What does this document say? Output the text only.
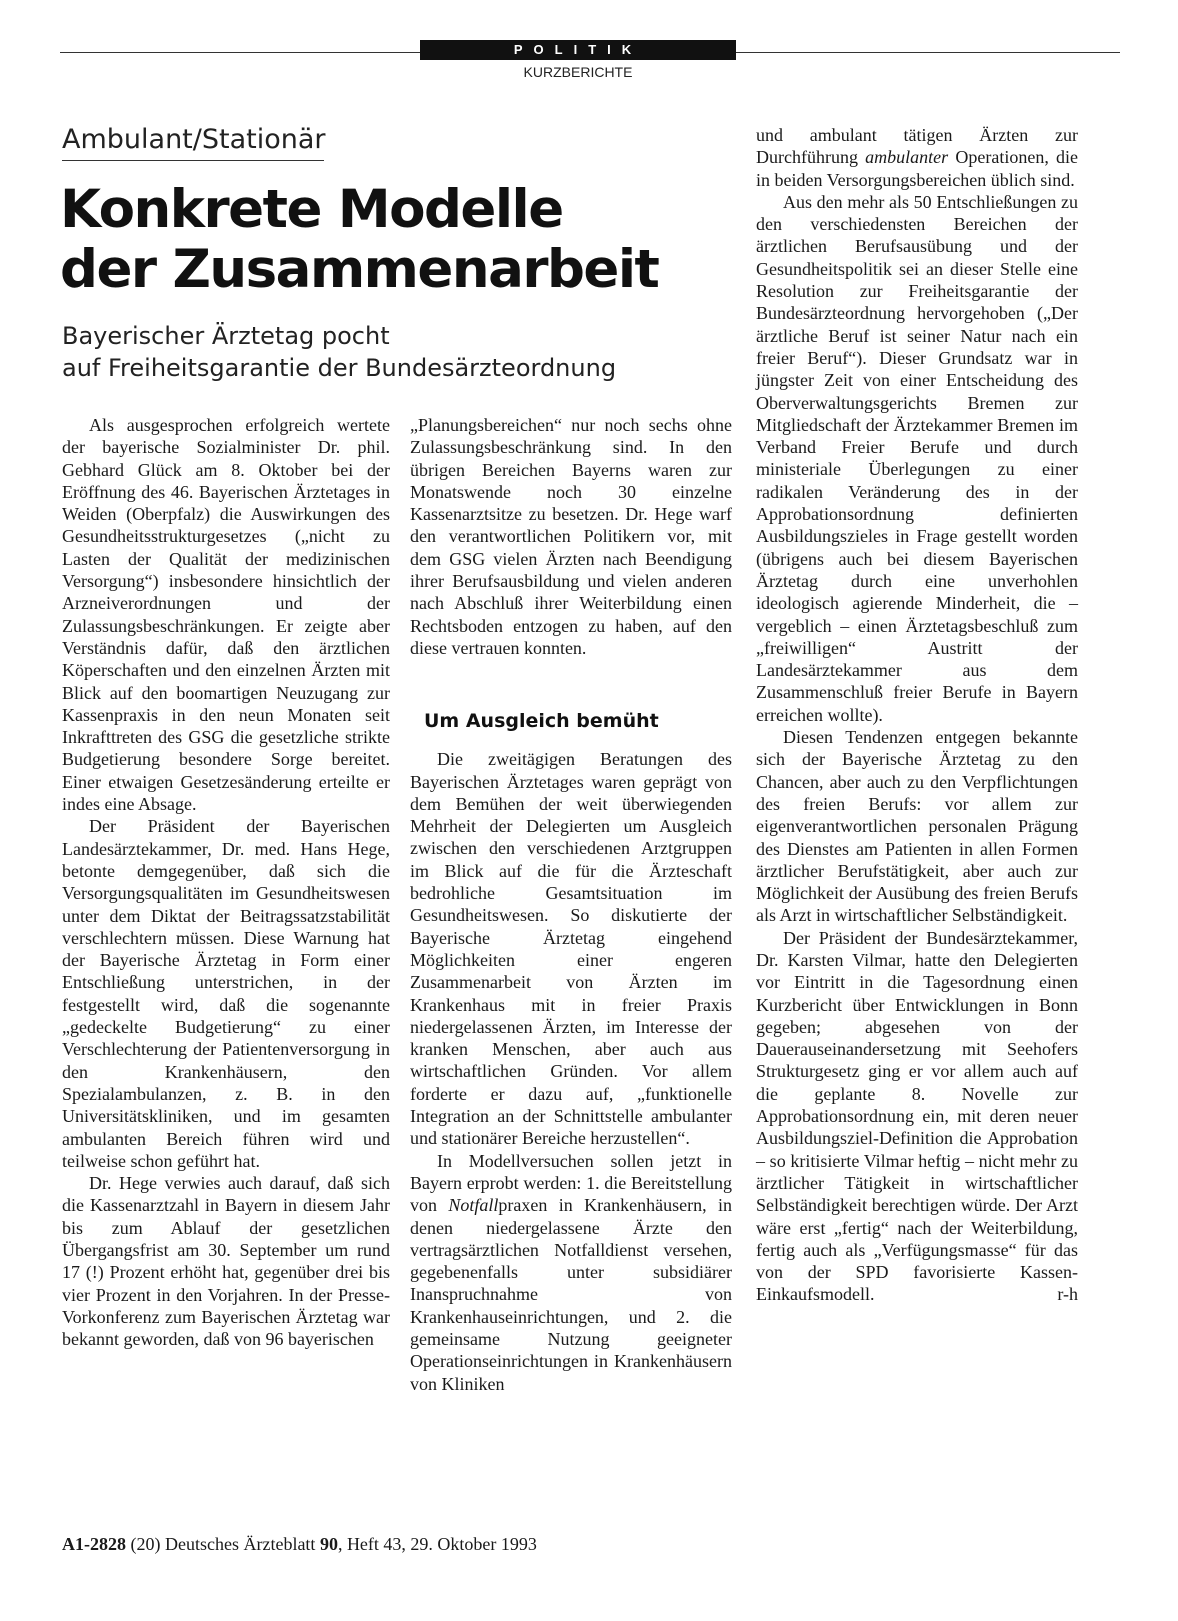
POLITIK
KURZBERICHTE
Ambulant/Stationär
Konkrete Modelle
der Zusammenarbeit
Bayerischer Ärztetag pocht
auf Freiheitsgarantie der Bundesärzteordnung

Als ausgesprochen erfolgreich wertete der bayerische Sozialminister Dr. phil. Gebhard Glück am 8. Oktober bei der Eröffnung des 46. Bayerischen Ärztetages in Weiden (Oberpfalz) die Auswirkungen des Gesundheitsstrukturgesetzes („nicht zu Lasten der Qualität der medizinischen Versorgung“) insbesondere hinsichtlich der Arzneiverordnungen und der Zulassungsbeschränkungen. Er zeigte aber Verständnis dafür, daß den ärztlichen Köperschaften und den einzelnen Ärzten mit Blick auf den boomartigen Neuzugang zur Kassenpraxis in den neun Monaten seit Inkrafttreten des GSG die gesetzliche strikte Budgetierung besondere Sorge bereitet. Einer etwaigen Gesetzesänderung erteilte er indes eine Absage.

Der Präsident der Bayerischen Landesärztekammer, Dr. med. Hans Hege, betonte demgegenüber, daß sich die Versorgungsqualitäten im Gesundheitswesen unter dem Diktat der Beitragssatzstabilität verschlechtern müssen. Diese Warnung hat der Bayerische Ärztetag in Form einer Entschließung unterstrichen, in der festgestellt wird, daß die sogenannte „gedeckelte Budgetierung“ zu einer Verschlechterung der Patientenversorgung in den Krankenhäusern, den Spezialambulanzen, z. B. in den Universitätskliniken, und im gesamten ambulanten Bereich führen wird und teilweise schon geführt hat.

Dr. Hege verwies auch darauf, daß sich die Kassenarztzahl in Bayern in diesem Jahr bis zum Ablauf der gesetzlichen Übergangsfrist am 30. September um rund 17 (!) Prozent erhöht hat, gegenüber drei bis vier Prozent in den Vorjahren. In der Presse-Vorkonferenz zum Bayerischen Ärztetag war bekannt geworden, daß von 96 bayerischen

„Planungsbereichen“ nur noch sechs ohne Zulassungsbeschränkung sind. In den übrigen Bereichen Bayerns waren zur Monatswende noch 30 einzelne Kassenarztsitze zu besetzen. Dr. Hege warf den verantwortlichen Politikern vor, mit dem GSG vielen Ärzten nach Beendigung ihrer Berufsausbildung und vielen anderen nach Abschluß ihrer Weiterbildung einen Rechtsboden entzogen zu haben, auf den diese vertrauen konnten.

Um Ausgleich bemüht

Die zweitägigen Beratungen des Bayerischen Ärztetages waren geprägt von dem Bemühen der weit überwiegenden Mehrheit der Delegierten um Ausgleich zwischen den verschiedenen Arztgruppen im Blick auf die für die Ärzteschaft bedrohliche Gesamtsituation im Gesundheitswesen. So diskutierte der Bayerische Ärztetag eingehend Möglichkeiten einer engeren Zusammenarbeit von Ärzten im Krankenhaus mit in freier Praxis niedergelassenen Ärzten, im Interesse der kranken Menschen, aber auch aus wirtschaftlichen Gründen. Vor allem forderte er dazu auf, „funktionelle Integration an der Schnittstelle ambulanter und stationärer Bereiche herzustellen“.

In Modellversuchen sollen jetzt in Bayern erprobt werden: 1. die Bereitstellung von Notfallpraxen in Krankenhäusern, in denen niedergelassene Ärzte den vertragsärztlichen Notfalldienst versehen, gegebenenfalls unter subsidiärer Inanspruchnahme von Krankenhauseinrichtungen, und 2. die gemeinsame Nutzung geeigneter Operationseinrichtungen in Krankenhäusern von Kliniken

und ambulant tätigen Ärzten zur Durchführung ambulanter Operationen, die in beiden Versorgungsbereichen üblich sind.

Aus den mehr als 50 Entschließungen zu den verschiedensten Bereichen der ärztlichen Berufsausübung und der Gesundheitspolitik sei an dieser Stelle eine Resolution zur Freiheitsgarantie der Bundesärzteordnung hervorgehoben („Der ärztliche Beruf ist seiner Natur nach ein freier Beruf“). Dieser Grundsatz war in jüngster Zeit von einer Entscheidung des Oberverwaltungsgerichts Bremen zur Mitgliedschaft der Ärztekammer Bremen im Verband Freier Berufe und durch ministeriale Überlegungen zu einer radikalen Veränderung des in der Approbationsordnung definierten Ausbildungszieles in Frage gestellt worden (übrigens auch bei diesem Bayerischen Ärztetag durch eine unverhohlen ideologisch agierende Minderheit, die – vergeblich – einen Ärztetagsbeschluß zum „freiwilligen“ Austritt der Landesärztekammer aus dem Zusammenschluß freier Berufe in Bayern erreichen wollte).

Diesen Tendenzen entgegen bekannte sich der Bayerische Ärztetag zu den Chancen, aber auch zu den Verpflichtungen des freien Berufs: vor allem zur eigenverantwortlichen personalen Prägung des Dienstes am Patienten in allen Formen ärztlicher Berufstätigkeit, aber auch zur Möglichkeit der Ausübung des freien Berufs als Arzt in wirtschaftlicher Selbständigkeit.

Der Präsident der Bundesärztekammer, Dr. Karsten Vilmar, hatte den Delegierten vor Eintritt in die Tagesordnung einen Kurzbericht über Entwicklungen in Bonn gegeben; abgesehen von der Dauerauseinandersetzung mit Seehofers Strukturgesetz ging er vor allem auch auf die geplante 8. Novelle zur Approbationsordnung ein, mit deren neuer Ausbildungsziel-Definition die Approbation – so kritisierte Vilmar heftig – nicht mehr zu ärztlicher Tätigkeit in wirtschaftlicher Selbständigkeit berechtigen würde. Der Arzt wäre erst „fertig“ nach der Weiterbildung, fertig auch als „Verfügungsmasse“ für das von der SPD favorisierte Kassen-Einkaufsmodell.	r-h

A1-2828 (20) Deutsches Ärzteblatt 90, Heft 43, 29. Oktober 1993
